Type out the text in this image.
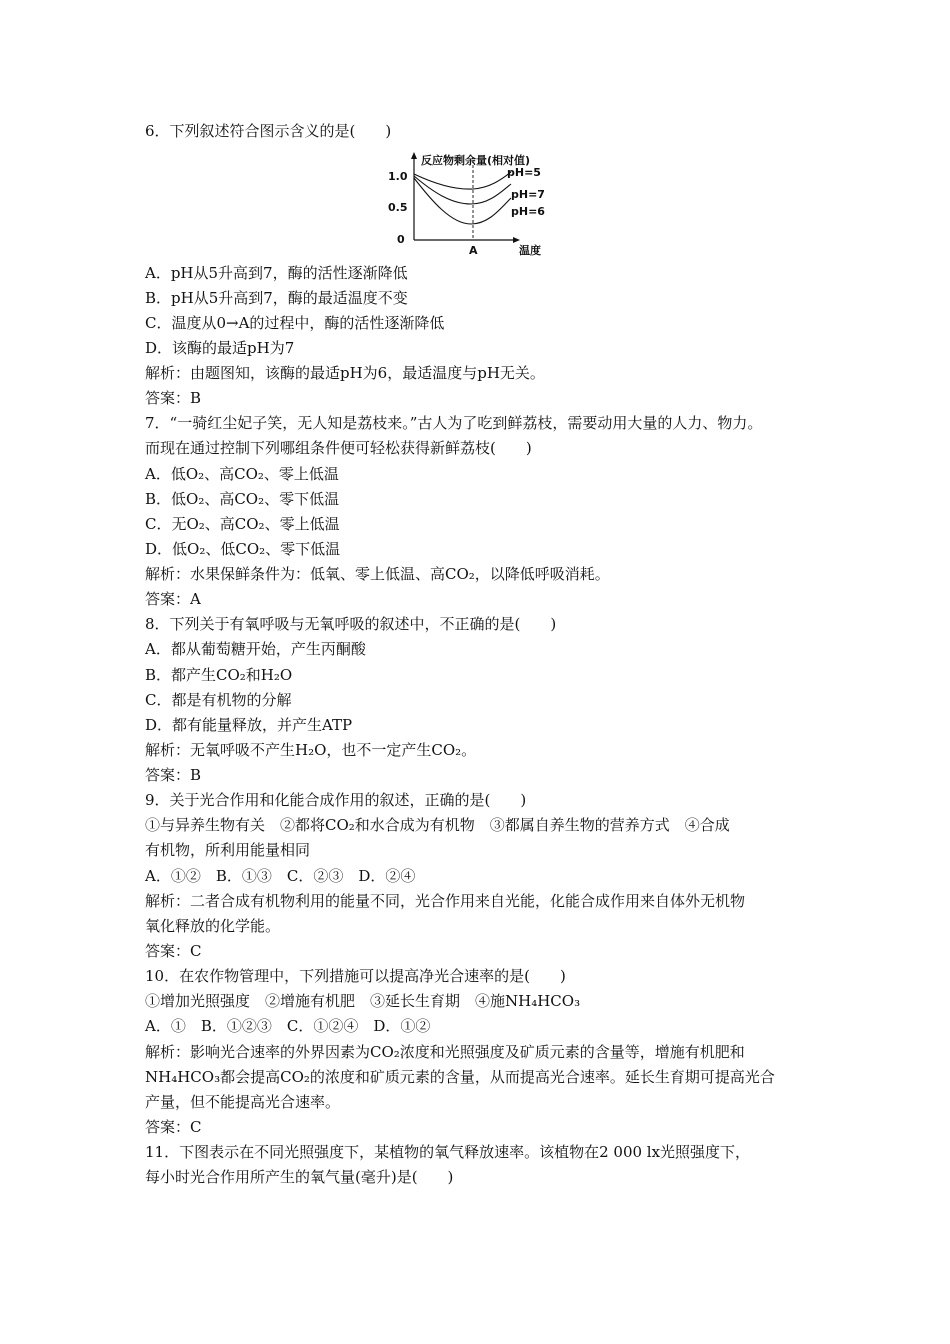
6．下列叙述符合图示含义的是(　　)
反应物剩余量(相对值)
1.0
0.5
0
A	温度
pH=5
pH=7
pH=6
A．pH从5升高到7，酶的活性逐渐降低
B．pH从5升高到7，酶的最适温度不变
C．温度从0→A的过程中，酶的活性逐渐降低
D．该酶的最适pH为7
解析：由题图知，该酶的最适pH为6，最适温度与pH无关。
答案：B
7．“一骑红尘妃子笑，无人知是荔枝来。”古人为了吃到鲜荔枝，需要动用大量的人力、物力。
而现在通过控制下列哪组条件便可轻松获得新鲜荔枝(　　)
A．低O₂、高CO₂、零上低温
B．低O₂、高CO₂、零下低温
C．无O₂、高CO₂、零上低温
D．低O₂、低CO₂、零下低温
解析：水果保鲜条件为：低氧、零上低温、高CO₂，以降低呼吸消耗。
答案：A
8．下列关于有氧呼吸与无氧呼吸的叙述中，不正确的是(　　)
A．都从葡萄糖开始，产生丙酮酸
B．都产生CO₂和H₂O
C．都是有机物的分解
D．都有能量释放，并产生ATP
解析：无氧呼吸不产生H₂O，也不一定产生CO₂。
答案：B
9．关于光合作用和化能合成作用的叙述，正确的是(　　)
①与异养生物有关　②都将CO₂和水合成为有机物　③都属自养生物的营养方式　④合成
有机物，所利用能量相同
A．①②　B．①③　C．②③　D．②④
解析：二者合成有机物利用的能量不同，光合作用来自光能，化能合成作用来自体外无机物
氧化释放的化学能。
答案：C
10．在农作物管理中，下列措施可以提高净光合速率的是(　　)
①增加光照强度　②增施有机肥　③延长生育期　④施NH₄HCO₃
A．①　B．①②③　C．①②④　D．①②
解析：影响光合速率的外界因素为CO₂浓度和光照强度及矿质元素的含量等，增施有机肥和
NH₄HCO₃都会提高CO₂的浓度和矿质元素的含量，从而提高光合速率。延长生育期可提高光合
产量，但不能提高光合速率。
答案：C
11．下图表示在不同光照强度下，某植物的氧气释放速率。该植物在2 000 lx光照强度下，
每小时光合作用所产生的氧气量(毫升)是(　　)
